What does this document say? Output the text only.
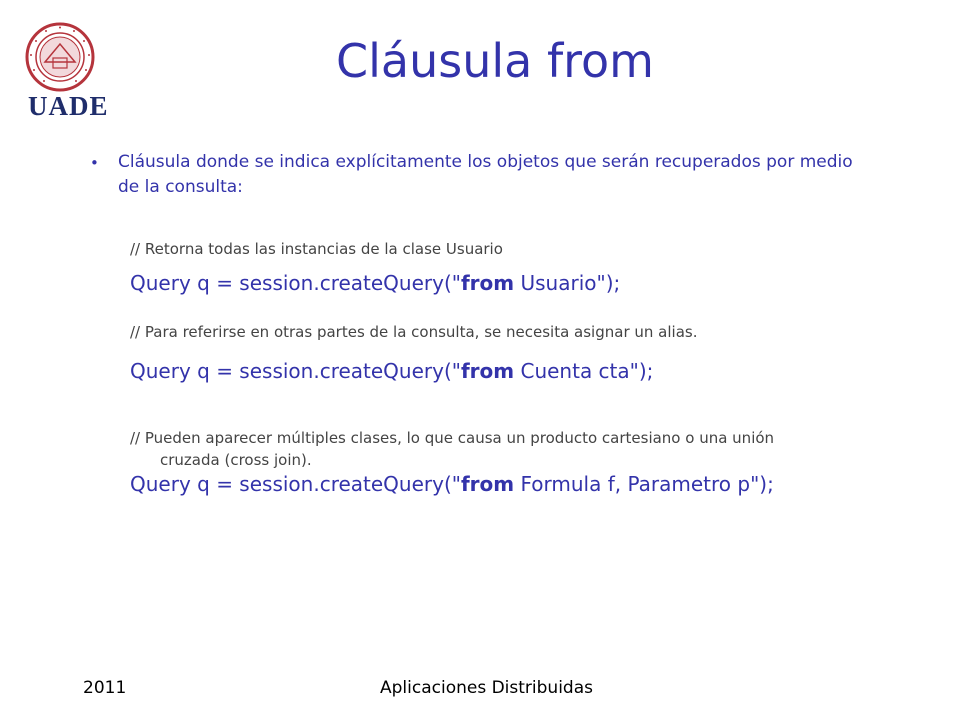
UADE
Cláusula from
• Cláusula donde se indica explícitamente los objetos que serán recuperados por medio de la consulta:
// Retorna todas las instancias de la clase Usuario
Query q = session.createQuery("from Usuario");
// Para referirse en otras partes de la consulta, se necesita asignar un alias.
Query q = session.createQuery("from Cuenta cta");
// Pueden aparecer múltiples clases, lo que causa un producto cartesiano o una unión
cruzada (cross join).
Query q = session.createQuery("from Formula f, Parametro p");
2011	Aplicaciones Distribuidas
